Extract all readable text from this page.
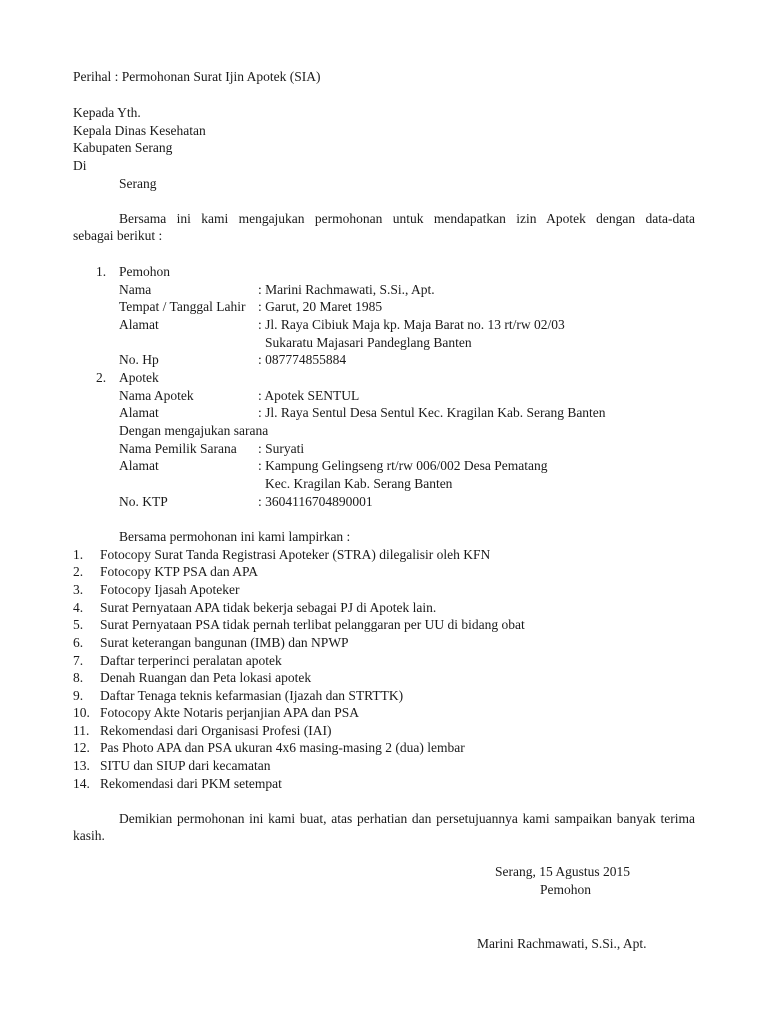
Perihal : Permohonan Surat Ijin Apotek (SIA)
Kepada Yth.
Kepala Dinas Kesehatan
Kabupaten Serang
Di
Serang
Bersama ini kami mengajukan permohonan untuk mendapatkan izin Apotek dengan data-data
sebagai berikut :
1. Pemohon
Nama	: Marini Rachmawati, S.Si., Apt.
Tempat / Tanggal Lahir : Garut, 20 Maret 1985
Alamat	: Jl. Raya Cibiuk Maja kp. Maja Barat no. 13 rt/rw 02/03
Sukaratu Majasari Pandeglang Banten
No. Hp	: 087774855884
2. Apotek
Nama Apotek	: Apotek SENTUL
Alamat	: Jl. Raya Sentul Desa Sentul Kec. Kragilan Kab. Serang Banten
Dengan mengajukan sarana
Nama Pemilik Sarana : Suryati
Alamat	: Kampung Gelingseng rt/rw 006/002 Desa Pematang
Kec. Kragilan Kab. Serang Banten
No. KTP	: 3604116704890001
Bersama permohonan ini kami lampirkan :
1. Fotocopy Surat Tanda Registrasi Apoteker (STRA) dilegalisir oleh KFN
2. Fotocopy KTP PSA dan APA
3. Fotocopy Ijasah Apoteker
4. Surat Pernyataan APA tidak bekerja sebagai PJ di Apotek lain.
5. Surat Pernyataan PSA tidak pernah terlibat pelanggaran per UU di bidang obat
6. Surat keterangan bangunan (IMB) dan NPWP
7. Daftar terperinci peralatan apotek
8. Denah Ruangan dan Peta lokasi apotek
9. Daftar Tenaga teknis kefarmasian (Ijazah dan STRTTK)
10. Fotocopy Akte Notaris perjanjian APA dan PSA
11. Rekomendasi dari Organisasi Profesi (IAI)
12. Pas Photo APA dan PSA ukuran 4x6 masing-masing 2 (dua) lembar
13. SITU dan SIUP dari kecamatan
14. Rekomendasi dari PKM setempat
Demikian permohonan ini kami buat, atas perhatian dan persetujuannya kami sampaikan banyak terima
kasih.
Serang, 15 Agustus 2015
Pemohon
Marini Rachmawati, S.Si., Apt.
